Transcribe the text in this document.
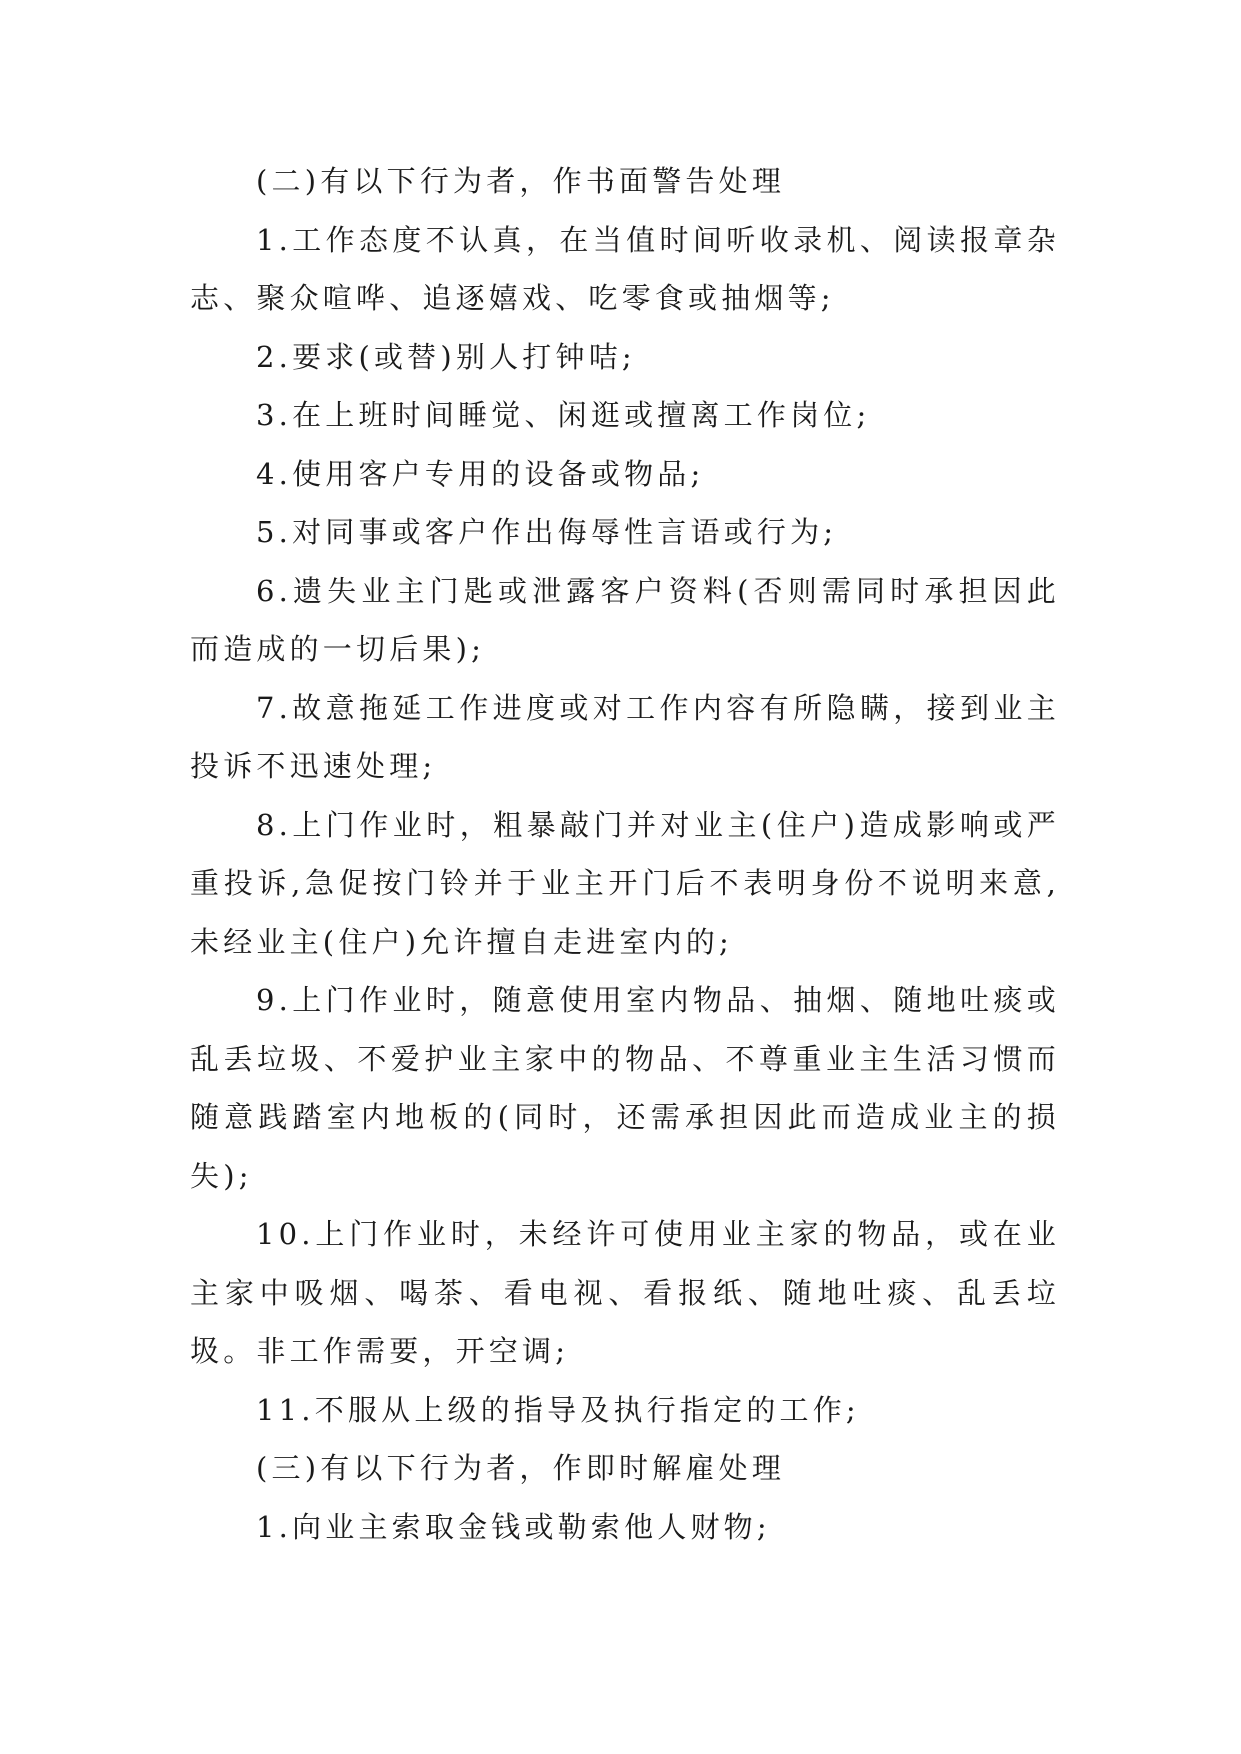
(二)有以下行为者，作书面警告处理

1.工作态度不认真，在当值时间听收录机、阅读报章杂志、聚众喧哗、追逐嬉戏、吃零食或抽烟等;

2.要求(或替)别人打钟咭;

3.在上班时间睡觉、闲逛或擅离工作岗位;

4.使用客户专用的设备或物品;

5.对同事或客户作出侮辱性言语或行为;

6.遗失业主门匙或泄露客户资料(否则需同时承担因此而造成的一切后果);

7.故意拖延工作进度或对工作内容有所隐瞒，接到业主投诉不迅速处理;

8.上门作业时，粗暴敲门并对业主(住户)造成影响或严重投诉,急促按门铃并于业主开门后不表明身份不说明来意,未经业主(住户)允许擅自走进室内的;

9.上门作业时，随意使用室内物品、抽烟、随地吐痰或乱丢垃圾、不爱护业主家中的物品、不尊重业主生活习惯而随意践踏室内地板的(同时，还需承担因此而造成业主的损失);

10.上门作业时，未经许可使用业主家的物品，或在业主家中吸烟、喝茶、看电视、看报纸、随地吐痰、乱丢垃圾。非工作需要，开空调;

11.不服从上级的指导及执行指定的工作;

(三)有以下行为者，作即时解雇处理

1.向业主索取金钱或勒索他人财物;
